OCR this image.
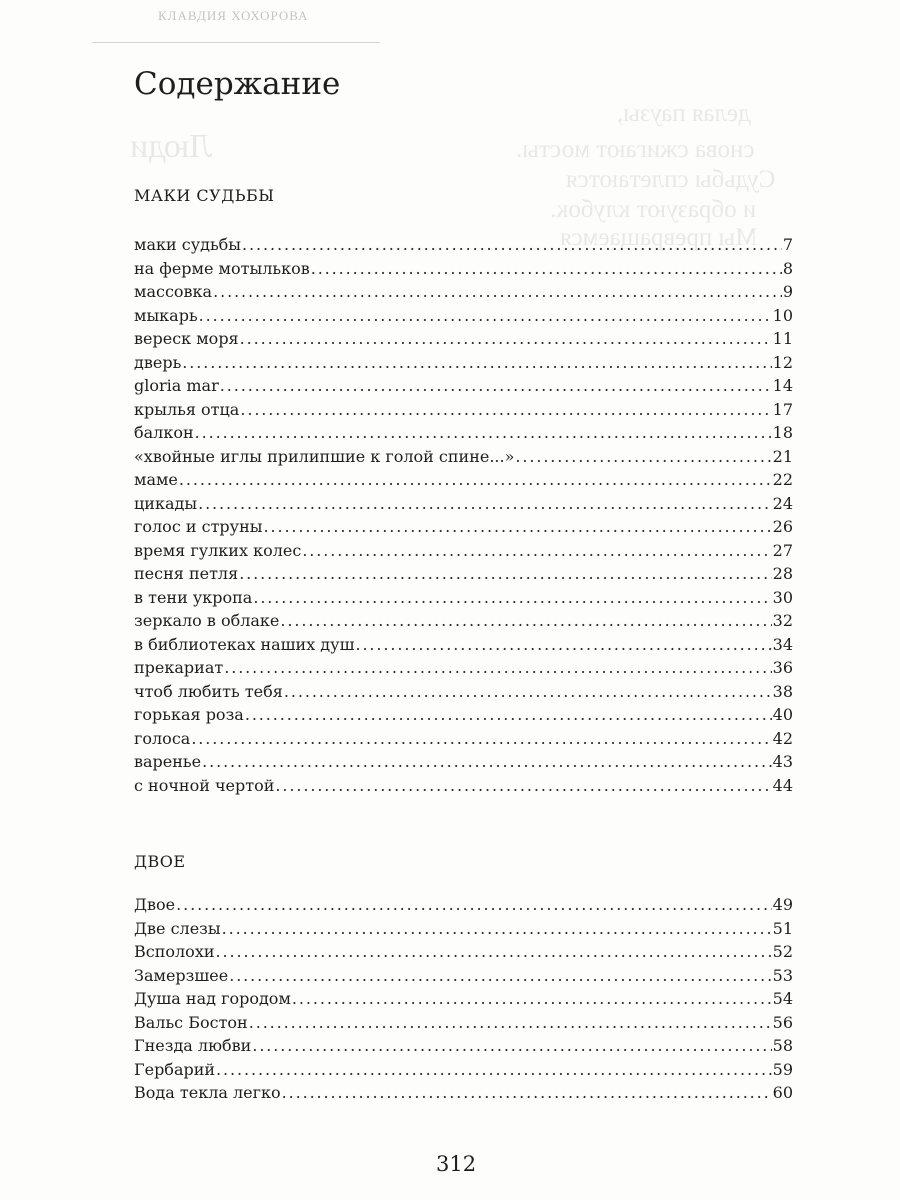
КЛАВДИЯ ХОХОРОВА
делая паузы,
Люди	снова сжигают мосты.
Судьбы сплетаются
и образуют клубок.
Мы превращаемся
Содержание
МАКИ СУДЬБЫ
маки судьбы .....	7
на ферме мотыльков .....	8
массовка .....	9
мыкарь .....	10
вереск моря .....	11
дверь .....	12
gloria mar .....	14
крылья отца .....	17
балкон .....	18
«хвойные иглы прилипшие к голой спине...» .....	21
маме .....	22
цикады .....	24
голос и струны .....	26
время гулких колес .....	27
песня петля .....	28
в тени укропа .....	30
зеркало в облаке .....	32
в библиотеках наших душ .....	34
прекариат .....	36
чтоб любить тебя .....	38
горькая роза .....	40
голоса .....	42
варенье .....	43
с ночной чертой .....	44
ДВОЕ
Двое .....	49
Две слезы .....	51
Всполохи .....	52
Замерзшее .....	53
Душа над городом .....	54
Вальс Бостон .....	56
Гнезда любви .....	58
Гербарий .....	59
Вода текла легко .....	60
312
